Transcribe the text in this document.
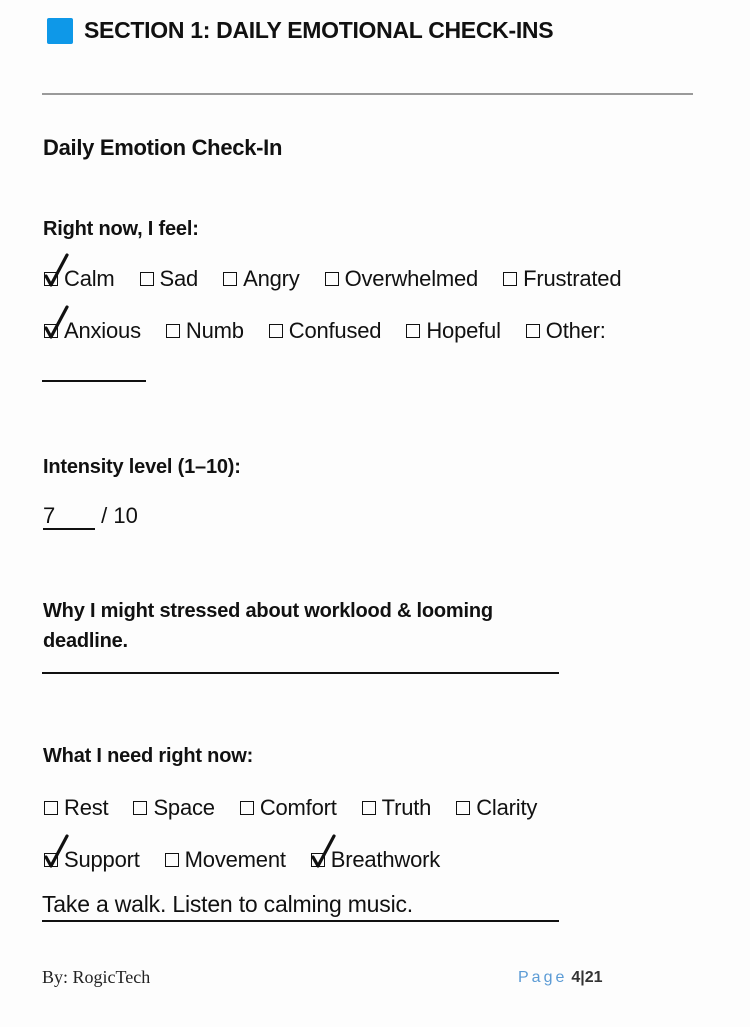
SECTION 1: DAILY EMOTIONAL CHECK-INS
Daily Emotion Check-In
Right now, I feel:
Calm Sad Angry Overwhelmed Frustrated
Anxious Numb Confused Hopeful Other:
Intensity level (1–10):
7 / 10
Why I might stressed about worklood & looming
deadline.
What I need right now:
Rest Space Comfort Truth Clarity
Support Movement Breathwork
Take a walk. Listen to calming music.
By: RogicTech	Page 4|21
